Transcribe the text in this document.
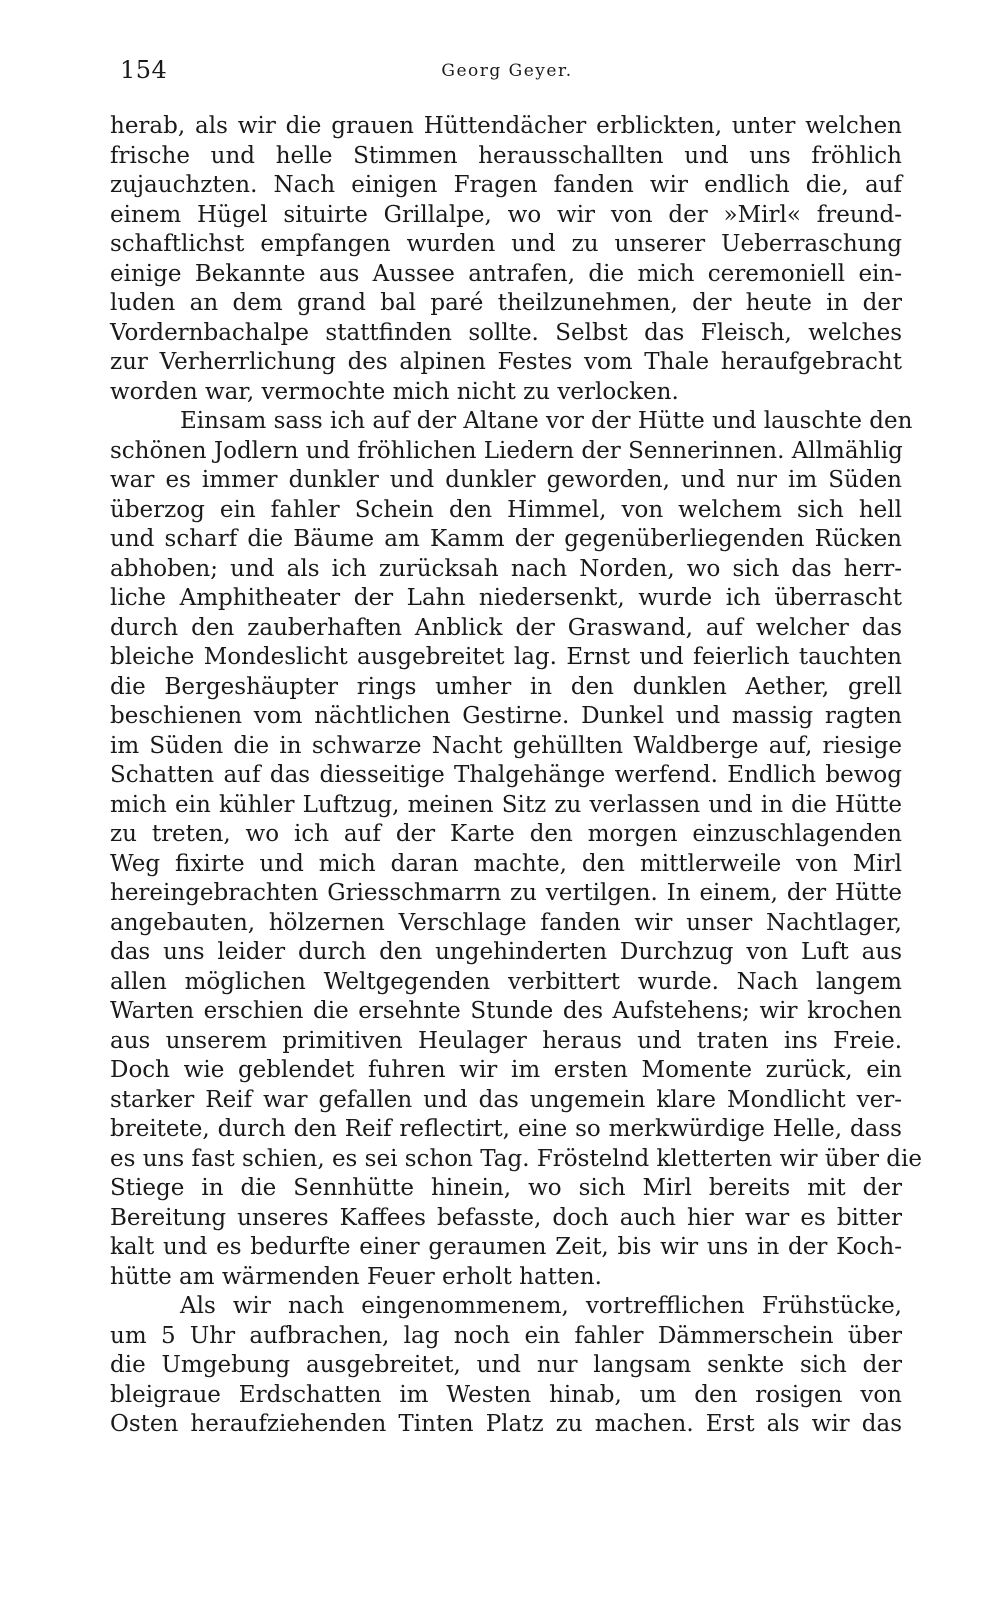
154	Georg Geyer.
herab, als wir die grauen Hüttendächer erblickten, unter welchen
frische und helle Stimmen herausschallten und uns fröhlich
zujauchzten. Nach einigen Fragen fanden wir endlich die, auf
einem Hügel situirte Grillalpe, wo wir von der »Mirl« freund-
schaftlichst empfangen wurden und zu unserer Ueberraschung
einige Bekannte aus Aussee antrafen, die mich ceremoniell ein-
luden an dem grand bal paré theilzunehmen, der heute in der
Vordernbachalpe stattfinden sollte. Selbst das Fleisch, welches
zur Verherrlichung des alpinen Festes vom Thale heraufgebracht
worden war, vermochte mich nicht zu verlocken.
Einsam sass ich auf der Altane vor der Hütte und lauschte den
schönen Jodlern und fröhlichen Liedern der Sennerinnen. Allmählig
war es immer dunkler und dunkler geworden, und nur im Süden
überzog ein fahler Schein den Himmel, von welchem sich hell
und scharf die Bäume am Kamm der gegenüberliegenden Rücken
abhoben; und als ich zurücksah nach Norden, wo sich das herr-
liche Amphitheater der Lahn niedersenkt, wurde ich überrascht
durch den zauberhaften Anblick der Graswand, auf welcher das
bleiche Mondeslicht ausgebreitet lag. Ernst und feierlich tauchten
die Bergeshäupter rings umher in den dunklen Aether, grell
beschienen vom nächtlichen Gestirne. Dunkel und massig ragten
im Süden die in schwarze Nacht gehüllten Waldberge auf, riesige
Schatten auf das diesseitige Thalgehänge werfend. Endlich bewog
mich ein kühler Luftzug, meinen Sitz zu verlassen und in die Hütte
zu treten, wo ich auf der Karte den morgen einzuschlagenden
Weg fixirte und mich daran machte, den mittlerweile von Mirl
hereingebrachten Griesschmarrn zu vertilgen. In einem, der Hütte
angebauten, hölzernen Verschlage fanden wir unser Nachtlager,
das uns leider durch den ungehinderten Durchzug von Luft aus
allen möglichen Weltgegenden verbittert wurde. Nach langem
Warten erschien die ersehnte Stunde des Aufstehens; wir krochen
aus unserem primitiven Heulager heraus und traten ins Freie.
Doch wie geblendet fuhren wir im ersten Momente zurück, ein
starker Reif war gefallen und das ungemein klare Mondlicht ver-
breitete, durch den Reif reflectirt, eine so merkwürdige Helle, dass
es uns fast schien, es sei schon Tag. Fröstelnd kletterten wir über die
Stiege in die Sennhütte hinein, wo sich Mirl bereits mit der
Bereitung unseres Kaffees befasste, doch auch hier war es bitter
kalt und es bedurfte einer geraumen Zeit, bis wir uns in der Koch-
hütte am wärmenden Feuer erholt hatten.
Als wir nach eingenommenem, vortrefflichen Frühstücke,
um 5 Uhr aufbrachen, lag noch ein fahler Dämmerschein über
die Umgebung ausgebreitet, und nur langsam senkte sich der
bleigraue Erdschatten im Westen hinab, um den rosigen von
Osten heraufziehenden Tinten Platz zu machen. Erst als wir das
